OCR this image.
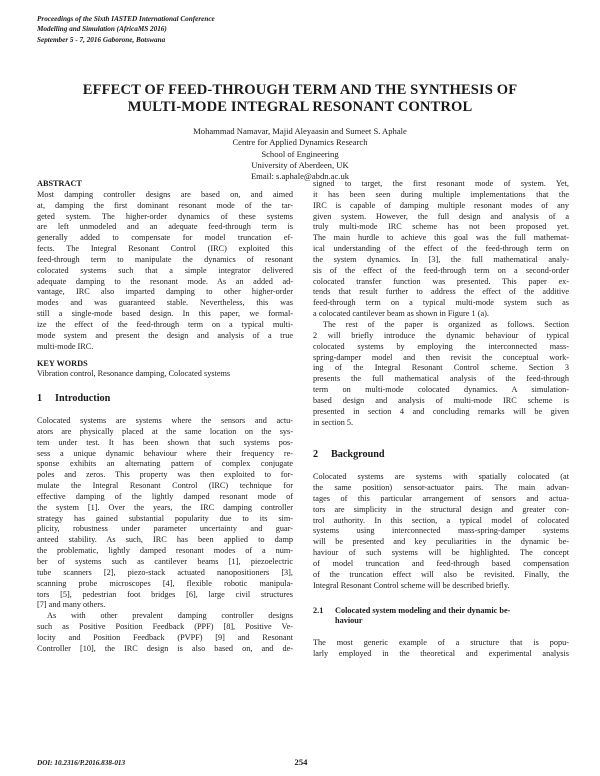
Proceedings of the Sixth IASTED International Conference
Modelling and Simulation (AfricaMS 2016)
September 5 - 7, 2016 Gaborone, Botswana
EFFECT OF FEED-THROUGH TERM AND THE SYNTHESIS OF
MULTI-MODE INTEGRAL RESONANT CONTROL
Mohammad Namavar, Majid Aleyaasin and Sumeet S. Aphale
Centre for Applied Dynamics Research
School of Engineering
University of Aberdeen, UK
Email: s.aphale@abdn.ac.uk
ABSTRACT
Most damping controller designs are based on, and aimed
at, damping the first dominant resonant mode of the tar-
geted system. The higher-order dynamics of these systems
are left unmodeled and an adequate feed-through term is
generally added to compensate for model truncation ef-
fects. The Integral Resonant Control (IRC) exploited this
feed-through term to manipulate the dynamics of resonant
colocated systems such that a simple integrator delivered
adequate damping to the resonant mode. As an added ad-
vantage, IRC also imparted damping to other higher-order
modes and was guaranteed stable. Nevertheless, this was
still a single-mode based design. In this paper, we formal-
ize the effect of the feed-through term on a typical multi-
mode system and present the design and analysis of a true
multi-mode IRC.
KEY WORDS
Vibration control, Resonance damping, Colocated systems
1 Introduction
Colocated systems are systems where the sensors and actu-
ators are physically placed at the same location on the sys-
tem under test. It has been shown that such systems pos-
sess a unique dynamic behaviour where their frequency re-
sponse exhibits an alternating pattern of complex conjugate
poles and zeros. This property was then exploited to for-
mulate the Integral Resonant Control (IRC) technique for
effective damping of the lightly damped resonant mode of
the system [1]. Over the years, the IRC damping controller
strategy has gained substantial popularity due to its sim-
plicity, robustness under parameter uncertainty and guar-
anteed stability. As such, IRC has been applied to damp
the problematic, lightly damped resonant modes of a num-
ber of systems such as cantilever beams [1], piezoelectric
tube scanners [2], piezo-stack actuated nanopositioners [3],
scanning probe microscopes [4], flexible robotic manipula-
tors [5], pedestrian foot bridges [6], large civil structures
[7] and many others.
As with other prevalent damping controller designs
such as Positive Position Feedback (PPF) [8], Positive Ve-
locity and Position Feedback (PVPF) [9] and Resonant
Controller [10], the IRC design is also based on, and de-
signed to target, the first resonant mode of system. Yet,
it has been seen during multiple implementations that the
IRC is capable of damping multiple resonant modes of any
given system. However, the full design and analysis of a
truly multi-mode IRC scheme has not been proposed yet.
The main hurdle to achieve this goal was the full mathemat-
ical understanding of the effect of the feed-through term on
the system dynamics. In [3], the full mathematical analy-
sis of the effect of the feed-through term on a second-order
colocated transfer function was presented. This paper ex-
tends that result further to address the effect of the additive
feed-through term on a typical multi-mode system such as
a colocated cantilever beam as shown in Figure 1 (a).
The rest of the paper is organized as follows. Section
2 will briefly introduce the dynamic behaviour of typical
colocated systems by employing the interconnected mass-
spring-damper model and then revisit the conceptual work-
ing of the Integral Resonant Control scheme. Section 3
presents the full mathematical analysis of the feed-through
term on multi-mode colocated dynamics. A simulation-
based design and analysis of multi-mode IRC scheme is
presented in section 4 and concluding remarks will be given
in section 5.
2 Background
Colocated systems are systems with spatially colocated (at
the same position) sensor-actuator pairs. The main advan-
tages of this particular arrangement of sensors and actua-
tors are simplicity in the structural design and greater con-
trol authority. In this section, a typical model of colocated
systems using interconnected mass-spring-damper systems
will be presented and key peculiarities in the dynamic be-
haviour of such systems will be highlighted. The concept
of model truncation and feed-through based compensation
of the truncation effect will also be revisited. Finally, the
Integral Resonant Control scheme will be described briefly.
2.1 Colocated system modeling and their dynamic be-
haviour
The most generic example of a structure that is popu-
larly employed in the theoretical and experimental analysis
DOI: 10.2316/P.2016.838-013	254
